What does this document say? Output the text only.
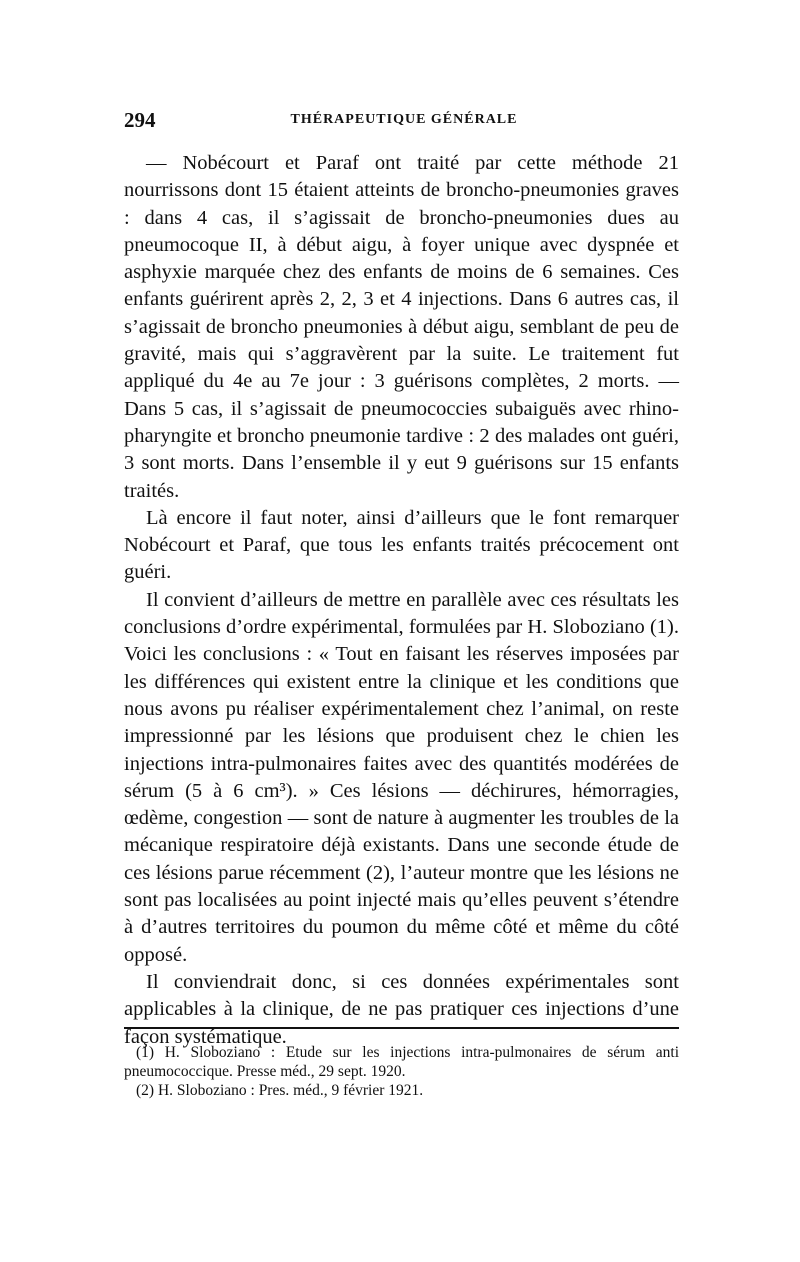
294	THÉRAPEUTIQUE GÉNÉRALE

— Nobécourt et Paraf ont traité par cette méthode 21 nourrissons dont 15 étaient atteints de broncho-pneumonies graves : dans 4 cas, il s’agissait de broncho-pneumonies dues au pneumocoque II, à début aigu, à foyer unique avec dyspnée et asphyxie marquée chez des enfants de moins de 6 semaines. Ces enfants guérirent après 2, 2, 3 et 4 injections. Dans 6 autres cas, il s’agissait de broncho pneumonies à début aigu, semblant de peu de gravité, mais qui s’aggravèrent par la suite. Le traitement fut appliqué du 4e au 7e jour : 3 guérisons complètes, 2 morts. — Dans 5 cas, il s’agissait de pneumococcies subaiguës avec rhino-pharyngite et broncho pneumonie tardive : 2 des malades ont guéri, 3 sont morts. Dans l’ensemble il y eut 9 guérisons sur 15 enfants traités.

Là encore il faut noter, ainsi d’ailleurs que le font remarquer Nobécourt et Paraf, que tous les enfants traités précocement ont guéri.

Il convient d’ailleurs de mettre en parallèle avec ces résultats les conclusions d’ordre expérimental, formulées par H. Sloboziano (1). Voici les conclusions : « Tout en faisant les réserves imposées par les différences qui existent entre la clinique et les conditions que nous avons pu réaliser expérimentalement chez l’animal, on reste impressionné par les lésions que produisent chez le chien les injections intra-pulmonaires faites avec des quantités modérées de sérum (5 à 6 cm³). » Ces lésions — déchirures, hémorragies, œdème, congestion — sont de nature à augmenter les troubles de la mécanique respiratoire déjà existants. Dans une seconde étude de ces lésions parue récemment (2), l’auteur montre que les lésions ne sont pas localisées au point injecté mais qu’elles peuvent s’étendre à d’autres territoires du poumon du même côté et même du côté opposé.

Il conviendrait donc, si ces données expérimentales sont applicables à la clinique, de ne pas pratiquer ces injections d’une façon systématique.

(1) H. Sloboziano : Etude sur les injections intra-pulmonaires de sérum anti pneumococcique. Presse méd., 29 sept. 1920.

(2) H. Sloboziano : Pres. méd., 9 février 1921.
